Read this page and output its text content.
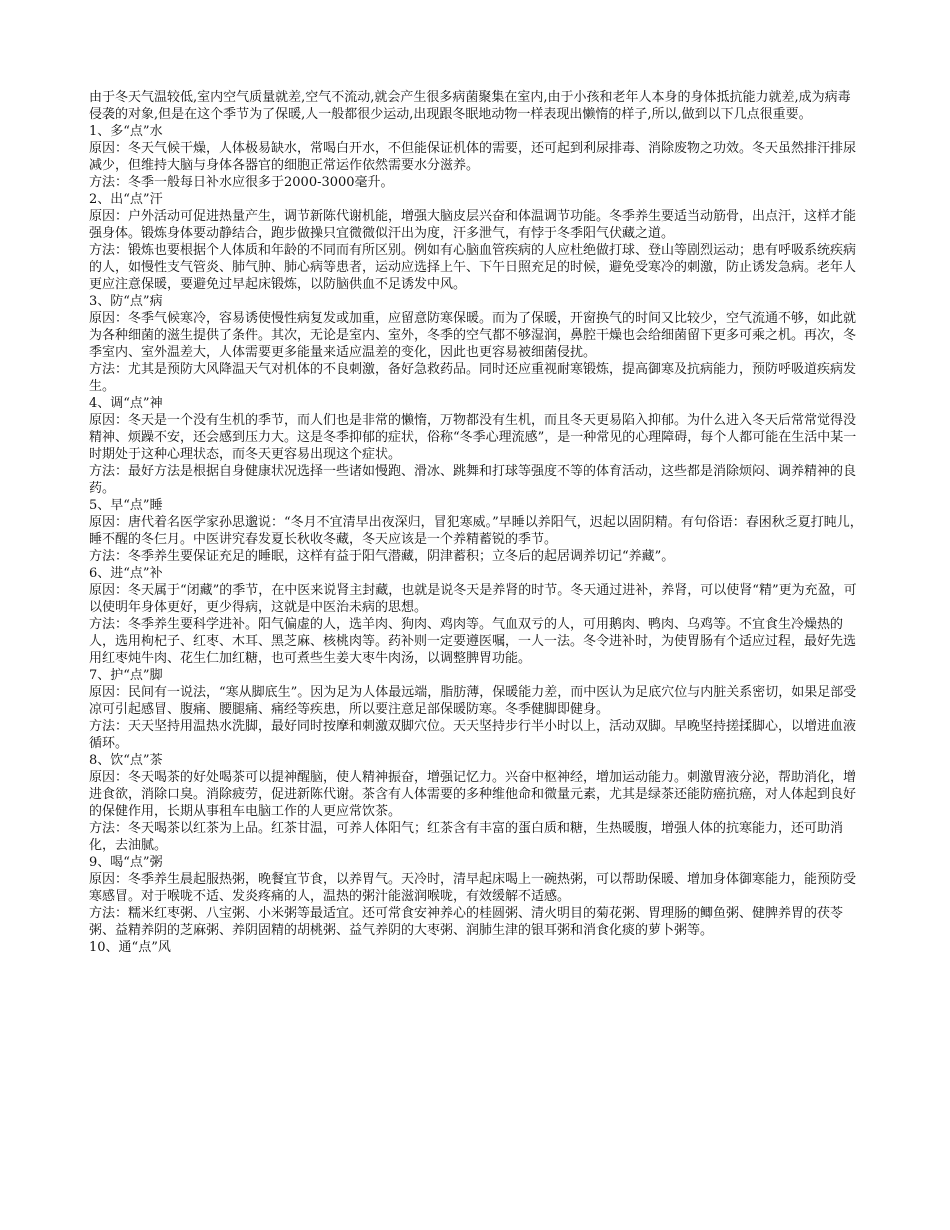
由于冬天气温较低,室内空气质量就差,空气不流动,就会产生很多病菌聚集在室内,由于小孩和老年人本身的身体抵抗能力就差,成为病毒侵袭的对象,但是在这个季节为了保暖,人一般都很少运动,出现跟冬眠地动物一样表现出懒惰的样子,所以,做到以下几点很重要。

1、多“点”水

原因：冬天气候干燥，人体极易缺水，常喝白开水，不但能保证机体的需要，还可起到利尿排毒、消除废物之功效。冬天虽然排汗排尿减少，但维持大脑与身体各器官的细胞正常运作依然需要水分滋养。

方法：冬季一般每日补水应很多于2000-3000毫升。

2、出“点”汗

原因：户外活动可促进热量产生，调节新陈代谢机能，增强大脑皮层兴奋和体温调节功能。冬季养生要适当动筋骨，出点汗，这样才能强身体。锻炼身体要动静结合，跑步做操只宜微微似汗出为度，汗多泄气，有悖于冬季阳气伏藏之道。

方法：锻炼也要根据个人体质和年龄的不同而有所区别。例如有心脑血管疾病的人应杜绝做打球、登山等剧烈运动；患有呼吸系统疾病的人，如慢性支气管炎、肺气肿、肺心病等患者，运动应选择上午、下午日照充足的时候，避免受寒冷的刺激，防止诱发急病。老年人更应注意保暖，要避免过早起床锻炼，以防脑供血不足诱发中风。

3、防“点”病

原因：冬季气候寒冷，容易诱使慢性病复发或加重，应留意防寒保暖。而为了保暖，开窗换气的时间又比较少，空气流通不够，如此就为各种细菌的滋生提供了条件。其次，无论是室内、室外，冬季的空气都不够湿润，鼻腔干燥也会给细菌留下更多可乘之机。再次，冬季室内、室外温差大，人体需要更多能量来适应温差的变化，因此也更容易被细菌侵扰。

方法：尤其是预防大风降温天气对机体的不良刺激，备好急救药品。同时还应重视耐寒锻炼，提高御寒及抗病能力，预防呼吸道疾病发生。

4、调“点”神

原因：冬天是一个没有生机的季节，而人们也是非常的懒惰，万物都没有生机，而且冬天更易陷入抑郁。为什么进入冬天后常常觉得没精神、烦躁不安，还会感到压力大。这是冬季抑郁的症状，俗称“冬季心理流感”，是一种常见的心理障碍，每个人都可能在生活中某一时期处于这种心理状态，而冬天更容易出现这个症状。

方法：最好方法是根据自身健康状况选择一些诸如慢跑、滑冰、跳舞和打球等强度不等的体育活动，这些都是消除烦闷、调养精神的良药。

5、早“点”睡

原因：唐代着名医学家孙思邈说：“冬月不宜清早出夜深归，冒犯寒威。”早睡以养阳气，迟起以固阴精。有句俗语：春困秋乏夏打盹儿，睡不醒的冬仨月。中医讲究春发夏长秋收冬藏，冬天应该是一个养精蓄锐的季节。

方法：冬季养生要保证充足的睡眠，这样有益于阳气潜藏，阴津蓄积；立冬后的起居调养切记“养藏”。

6、进“点”补

原因：冬天属于“闭藏”的季节，在中医来说肾主封藏，也就是说冬天是养肾的时节。冬天通过进补，养肾，可以使肾“精”更为充盈，可以使明年身体更好，更少得病，这就是中医治未病的思想。

方法：冬季养生要科学进补。阳气偏虚的人，选羊肉、狗肉、鸡肉等。气血双亏的人，可用鹅肉、鸭肉、乌鸡等。不宜食生冷燥热的人，选用枸杞子、红枣、木耳、黑芝麻、核桃肉等。药补则一定要遵医嘱，一人一法。冬令进补时，为使胃肠有个适应过程，最好先选用红枣炖牛肉、花生仁加红糖，也可煮些生姜大枣牛肉汤，以调整脾胃功能。

7、护“点”脚

原因：民间有一说法，“寒从脚底生”。因为足为人体最远端，脂肪薄，保暖能力差，而中医认为足底穴位与内脏关系密切，如果足部受凉可引起感冒、腹痛、腰腿痛、痛经等疾患，所以要注意足部保暖防寒。冬季健脚即健身。

方法：天天坚持用温热水洗脚，最好同时按摩和刺激双脚穴位。天天坚持步行半小时以上，活动双脚。早晚坚持搓揉脚心，以增进血液循环。

8、饮“点”茶

原因：冬天喝茶的好处喝茶可以提神醒脑，使人精神振奋，增强记忆力。兴奋中枢神经，增加运动能力。刺激胃液分泌，帮助消化，增进食欲，消除口臭。消除疲劳，促进新陈代谢。茶含有人体需要的多种维他命和微量元素，尤其是绿茶还能防癌抗癌，对人体起到良好的保健作用，长期从事租车电脑工作的人更应常饮茶。

方法：冬天喝茶以红茶为上品。红茶甘温，可养人体阳气；红茶含有丰富的蛋白质和糖，生热暖腹，增强人体的抗寒能力，还可助消化，去油腻。

9、喝“点”粥

原因：冬季养生晨起服热粥，晚餐宜节食，以养胃气。天冷时，清早起床喝上一碗热粥，可以帮助保暖、增加身体御寒能力，能预防受寒感冒。对于喉咙不适、发炎疼痛的人，温热的粥汁能滋润喉咙，有效缓解不适感。

方法：糯米红枣粥、八宝粥、小米粥等最适宜。还可常食安神养心的桂圆粥、清火明目的菊花粥、胃理肠的鲫鱼粥、健脾养胃的茯苓粥、益精养阴的芝麻粥、养阴固精的胡桃粥、益气养阴的大枣粥、润肺生津的银耳粥和消食化痰的萝卜粥等。

10、通“点”风
